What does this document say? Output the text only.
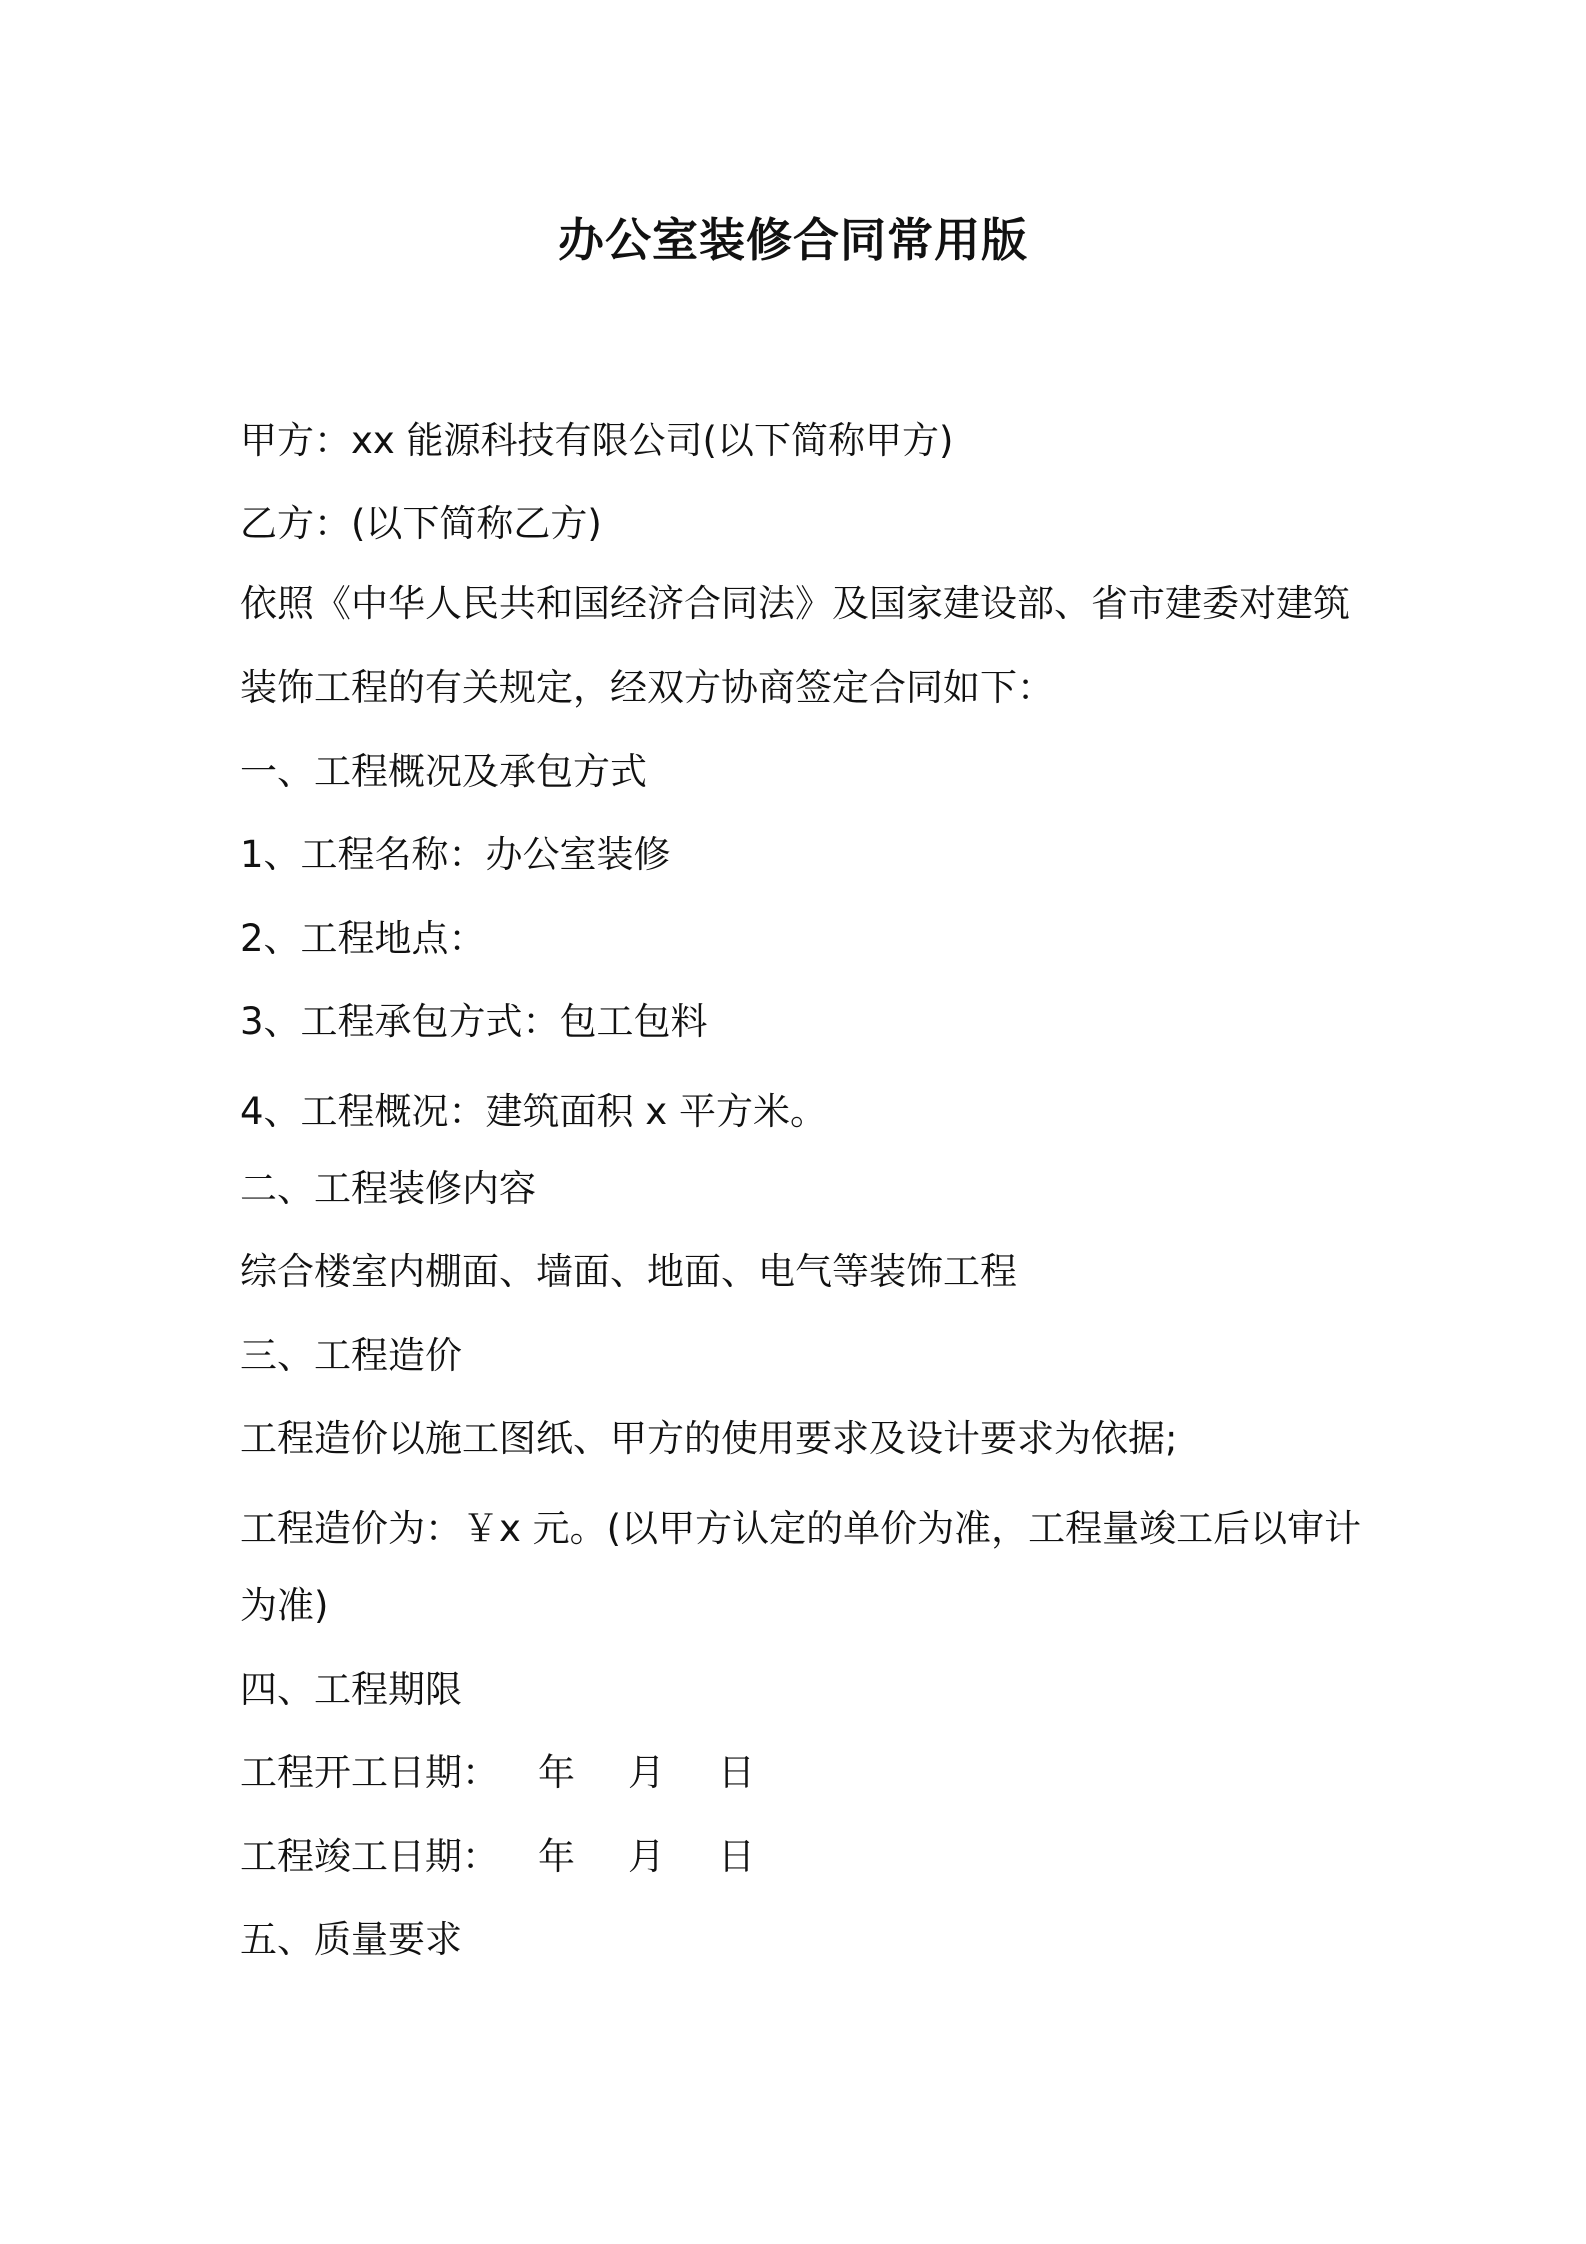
办公室装修合同常用版
甲方：xx 能源科技有限公司(以下简称甲方)
乙方：(以下简称乙方)
依照《中华人民共和国经济合同法》及国家建设部、省市建委对建筑
装饰工程的有关规定，经双方协商签定合同如下：
一、工程概况及承包方式
1、工程名称：办公室装修
2、工程地点：
3、工程承包方式：包工包料
4、工程概况：建筑面积 x 平方米。
二、工程装修内容
综合楼室内棚面、墙面、地面、电气等装饰工程
三、工程造价
工程造价以施工图纸、甲方的使用要求及设计要求为依据;
工程造价为：￥x 元。(以甲方认定的单价为准，工程量竣工后以审计
为准)
四、工程期限
工程开工日期： 年 月 日
工程竣工日期： 年 月 日
五、质量要求
